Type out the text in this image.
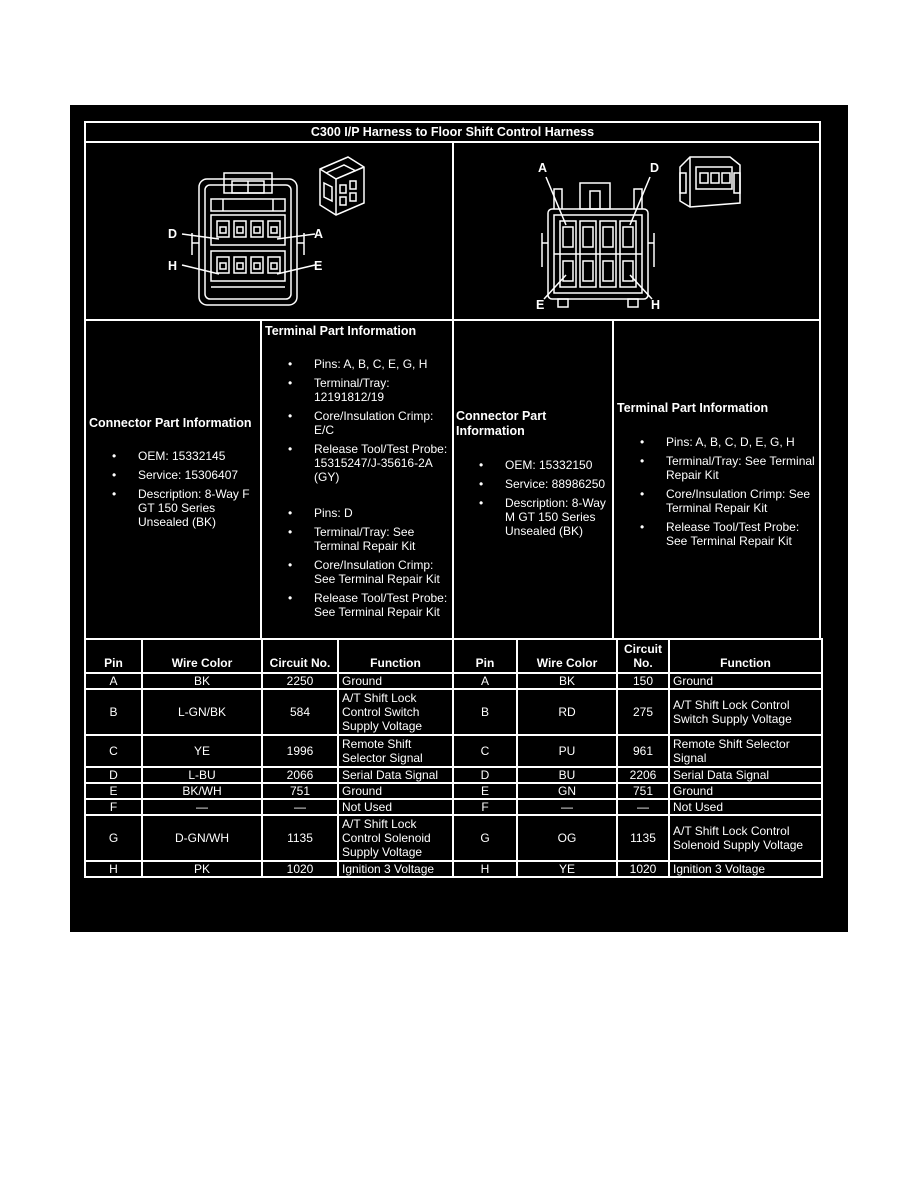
C300 I/P Harness to Floor Shift Control Harness
D	A
H	E
A	D
E	H
Connector Part Information
• OEM: 15332145
• Service: 15306407
• Description: 8-Way F GT 150 Series Unsealed (BK)
Terminal Part Information
• Pins: A, B, C, E, G, H
• Terminal/Tray: 12191812/19
• Core/Insulation Crimp: E/C
• Release Tool/Test Probe: 15315247/J-35616-2A (GY)
• Pins: D
• Terminal/Tray: See Terminal Repair Kit
• Core/Insulation Crimp: See Terminal Repair Kit
• Release Tool/Test Probe: See Terminal Repair Kit
Connector Part Information
• OEM: 15332150
• Service: 88986250
• Description: 8-Way M GT 150 Series Unsealed (BK)
Terminal Part Information
• Pins: A, B, C, D, E, G, H
• Terminal/Tray: See Terminal Repair Kit
• Core/Insulation Crimp: See Terminal Repair Kit
• Release Tool/Test Probe: See Terminal Repair Kit
Pin	Wire Color	Circuit No.	Function	Pin	Wire Color	Circuit No.	Function
A	BK	2250	Ground	A	BK	150	Ground
B	L-GN/BK	584	A/T Shift Lock Control Switch Supply Voltage	B	RD	275	A/T Shift Lock Control Switch Supply Voltage
C	YE	1996	Remote Shift Selector Signal	C	PU	961	Remote Shift Selector Signal
D	L-BU	2066	Serial Data Signal	D	BU	2206	Serial Data Signal
E	BK/WH	751	Ground	E	GN	751	Ground
F	—	—	Not Used	F	—	—	Not Used
G	D-GN/WH	1135	A/T Shift Lock Control Solenoid Supply Voltage	G	OG	1135	A/T Shift Lock Control Solenoid Supply Voltage
H	PK	1020	Ignition 3 Voltage	H	YE	1020	Ignition 3 Voltage
